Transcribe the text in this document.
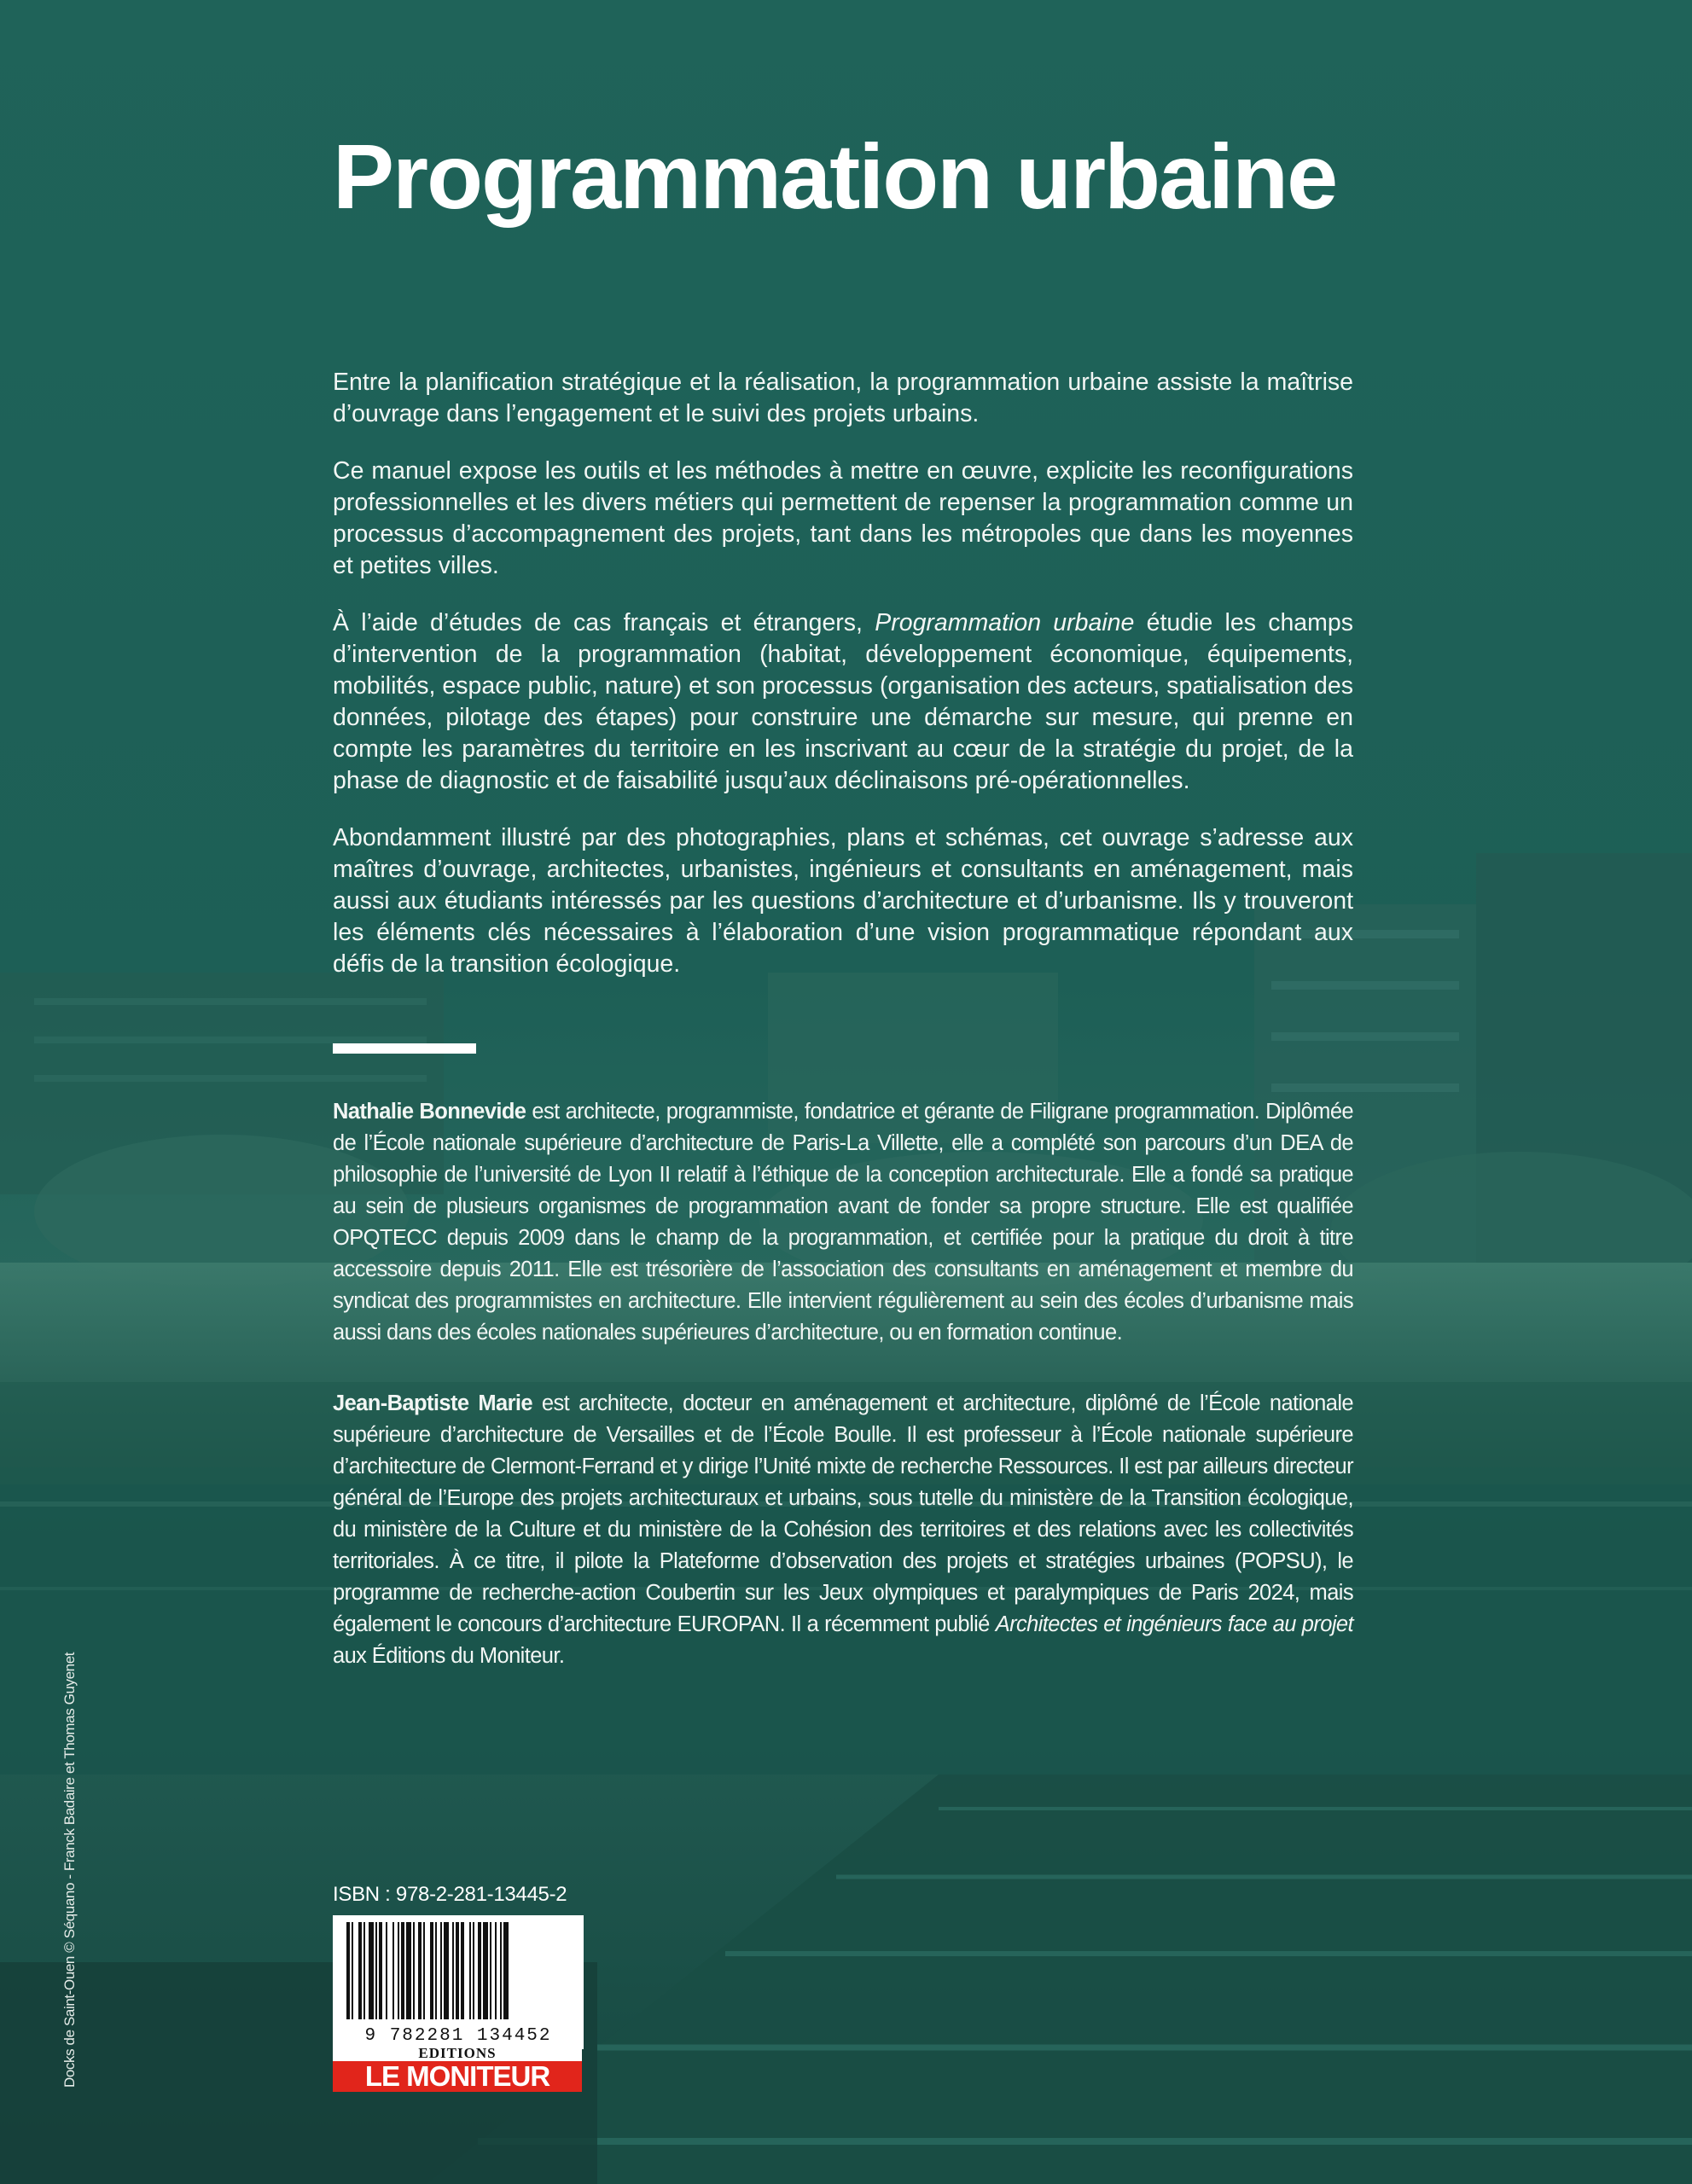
Programmation urbaine

Entre la planification stratégique et la réalisation, la programmation urbaine assiste la maîtrise d’ouvrage dans l’engagement et le suivi des projets urbains.

Ce manuel expose les outils et les méthodes à mettre en œuvre, explicite les reconfigurations professionnelles et les divers métiers qui permettent de repenser la programmation comme un processus d’accompagnement des projets, tant dans les métropoles que dans les moyennes et petites villes.

À l’aide d’études de cas français et étrangers, Programmation urbaine étudie les champs d’intervention de la programmation (habitat, développement économique, équipements, mobilités, espace public, nature) et son processus (organisation des acteurs, spatialisation des données, pilotage des étapes) pour construire une démarche sur mesure, qui prenne en compte les paramètres du territoire en les inscrivant au cœur de la stratégie du projet, de la phase de diagnostic et de faisabilité jusqu’aux déclinaisons pré-opérationnelles.

Abondamment illustré par des photographies, plans et schémas, cet ouvrage s’adresse aux maîtres d’ouvrage, architectes, urbanistes, ingénieurs et consultants en aménagement, mais aussi aux étudiants intéressés par les questions d’architecture et d’urbanisme. Ils y trouveront les éléments clés nécessaires à l’élaboration d’une vision programmatique répondant aux défis de la transition écologique.

Nathalie Bonnevide est architecte, programmiste, fondatrice et gérante de Filigrane programmation. Diplômée de l’École nationale supérieure d’architecture de Paris-La Villette, elle a complété son parcours d’un DEA de philosophie de l’université de Lyon II relatif à l’éthique de la conception architecturale. Elle a fondé sa pratique au sein de plusieurs organismes de programmation avant de fonder sa propre structure. Elle est qualifiée OPQTECC depuis 2009 dans le champ de la programmation, et certifiée pour la pratique du droit à titre accessoire depuis 2011. Elle est trésorière de l’association des consultants en aménagement et membre du syndicat des programmistes en architecture. Elle intervient régulièrement au sein des écoles d’urbanisme mais aussi dans des écoles nationales supérieures d’architecture, ou en formation continue.

Jean-Baptiste Marie est architecte, docteur en aménagement et architecture, diplômé de l’École nationale supérieure d’architecture de Versailles et de l’École Boulle. Il est professeur à l’École nationale supérieure d’architecture de Clermont-Ferrand et y dirige l’Unité mixte de recherche Ressources. Il est par ailleurs directeur général de l’Europe des projets architecturaux et urbains, sous tutelle du ministère de la Transition écologique, du ministère de la Culture et du ministère de la Cohésion des territoires et des relations avec les collectivités territoriales. À ce titre, il pilote la Plateforme d’observation des projets et stratégies urbaines (POPSU), le programme de recherche-action Coubertin sur les Jeux olympiques et paralympiques de Paris 2024, mais également le concours d’architecture EUROPAN. Il a récemment publié Architectes et ingénieurs face au projet aux Éditions du Moniteur.

ISBN : 978-2-281-13445-2
9 782281 134452
EDITIONS
LE MONITEUR
Docks de Saint-Ouen © Séquano - Franck Badaire et Thomas Guyenet
